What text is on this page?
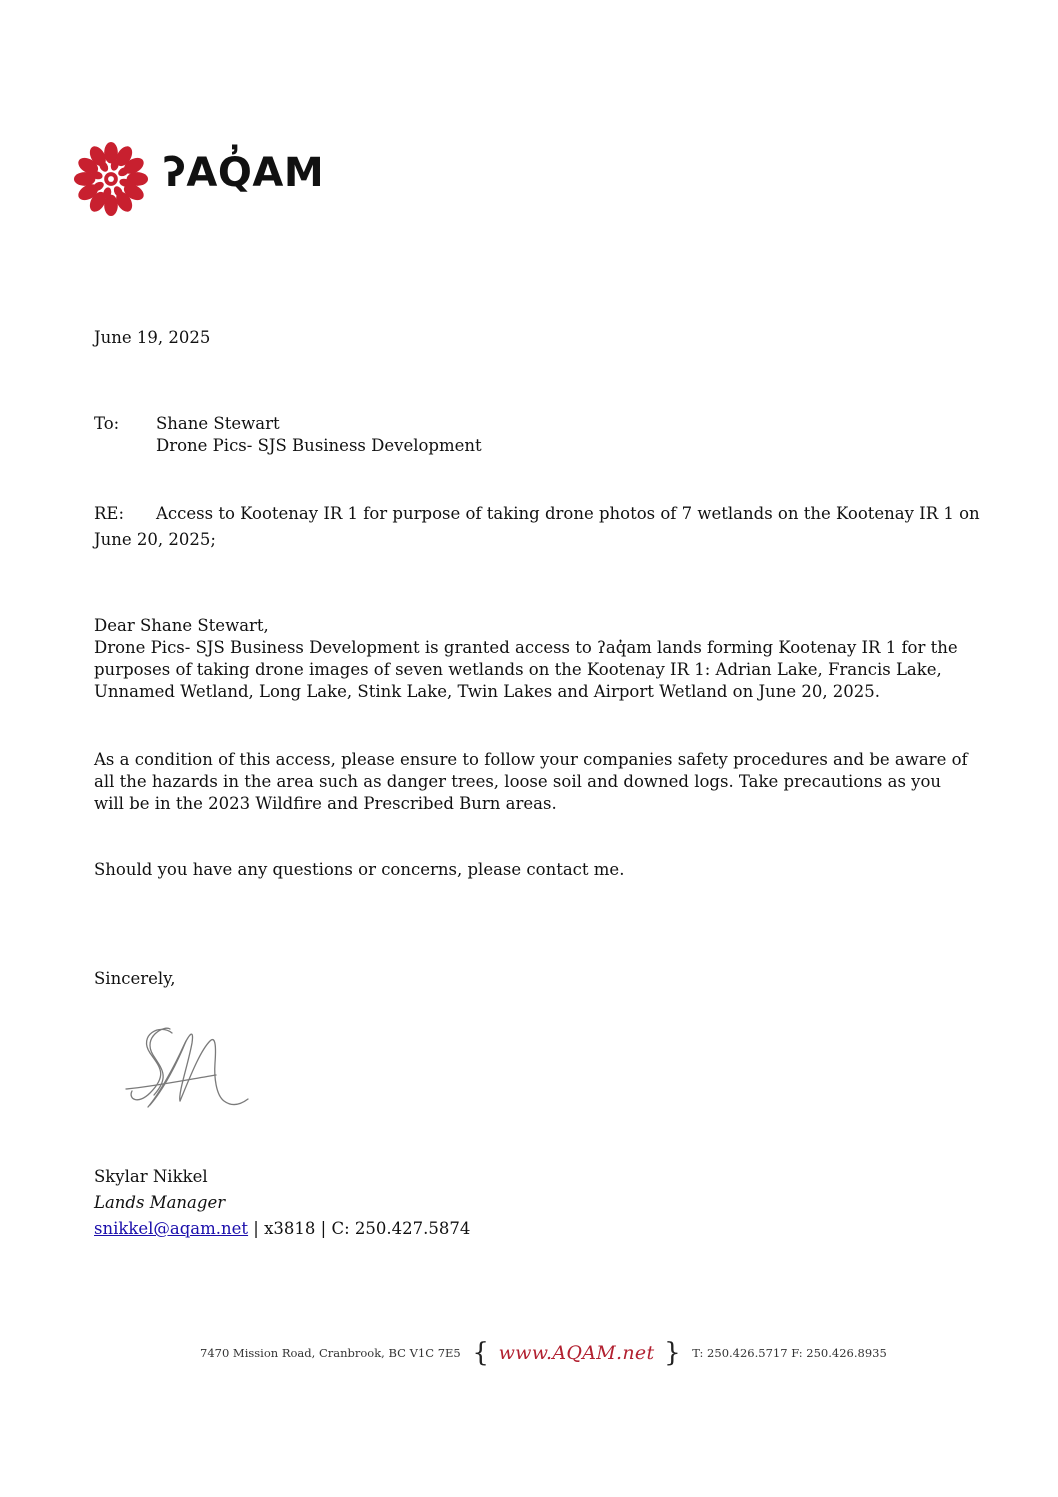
ʔAQ̓AM
June 19, 2025
To: Shane Stewart
Drone Pics- SJS Business Development
RE: Access to Kootenay IR 1 for purpose of taking drone photos of 7 wetlands on the Kootenay IR 1 on
June 20, 2025;
Dear Shane Stewart,
Drone Pics- SJS Business Development is granted access to ʔaq̓am lands forming Kootenay IR 1 for the purposes of taking drone images of seven wetlands on the Kootenay IR 1: Adrian Lake, Francis Lake, Unnamed Wetland, Long Lake, Stink Lake, Twin Lakes and Airport Wetland on June 20, 2025.
As a condition of this access, please ensure to follow your companies safety procedures and be aware of all the hazards in the area such as danger trees, loose soil and downed logs. Take precautions as you will be in the 2023 Wildfire and Prescribed Burn areas.
Should you have any questions or concerns, please contact me.
Sincerely,
Skylar Nikkel
Lands Manager
snikkel@aqam.net | x3818 | C: 250.427.5874
7470 Mission Road, Cranbrook, BC V1C 7E5 { www.AQAM.net } T: 250.426.5717 F: 250.426.8935
